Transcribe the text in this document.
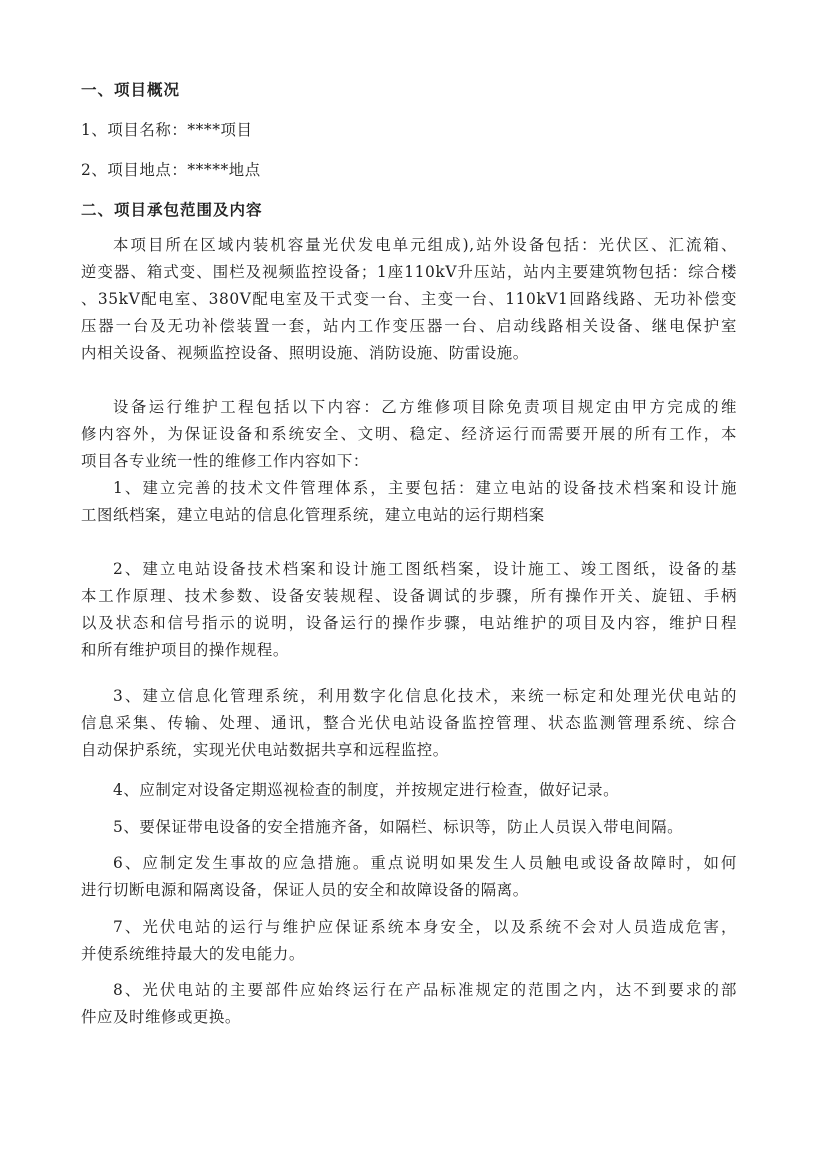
一、项目概况
1、项目名称：****项目
2、项目地点：*****地点
二、项目承包范围及内容
本项目所在区域内装机容量光伏发电单元组成),站外设备包括：光伏区、汇流箱、
逆变器、箱式变、围栏及视频监控设备；1座110kV升压站，站内主要建筑物包括：综合楼
、35kV配电室、380V配电室及干式变一台、主变一台、110kV1回路线路、无功补偿变
压器一台及无功补偿装置一套，站内工作变压器一台、启动线路相关设备、继电保护室
内相关设备、视频监控设备、照明设施、消防设施、防雷设施。
设备运行维护工程包括以下内容：乙方维修项目除免责项目规定由甲方完成的维
修内容外，为保证设备和系统安全、文明、稳定、经济运行而需要开展的所有工作，本
项目各专业统一性的维修工作内容如下：
1、建立完善的技术文件管理体系，主要包括：建立电站的设备技术档案和设计施
工图纸档案，建立电站的信息化管理系统，建立电站的运行期档案
2、建立电站设备技术档案和设计施工图纸档案，设计施工、竣工图纸，设备的基
本工作原理、技术参数、设备安装规程、设备调试的步骤，所有操作开关、旋钮、手柄
以及状态和信号指示的说明，设备运行的操作步骤，电站维护的项目及内容，维护日程
和所有维护项目的操作规程。
3、建立信息化管理系统，利用数字化信息化技术，来统一标定和处理光伏电站的
信息采集、传输、处理、通讯，整合光伏电站设备监控管理、状态监测管理系统、综合
自动保护系统，实现光伏电站数据共享和远程监控。
4、应制定对设备定期巡视检查的制度，并按规定进行检查，做好记录。
5、要保证带电设备的安全措施齐备，如隔栏、标识等，防止人员误入带电间隔。
6、应制定发生事故的应急措施。重点说明如果发生人员触电或设备故障时，如何
进行切断电源和隔离设备，保证人员的安全和故障设备的隔离。
7、光伏电站的运行与维护应保证系统本身安全，以及系统不会对人员造成危害，
并使系统维持最大的发电能力。
8、光伏电站的主要部件应始终运行在产品标准规定的范围之内，达不到要求的部
件应及时维修或更换。
